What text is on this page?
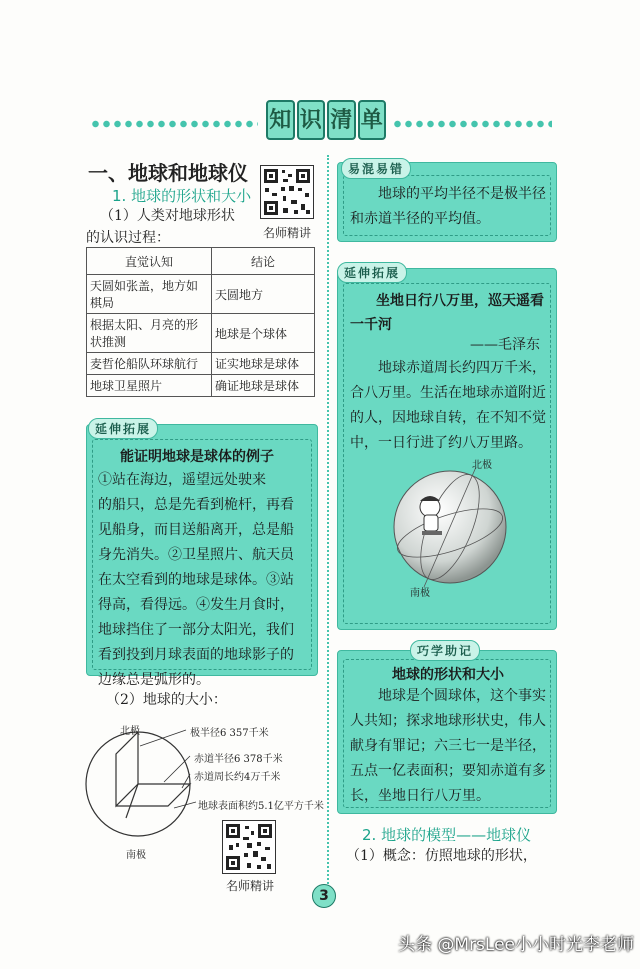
知 识 清 单
一、地球和地球仪
1. 地球的形状和大小
（1）人类对地球形状
的认识过程：	名师精讲
直觉认知	结论
天圆如张盖，地方如棋局	天圆地方
根据太阳、月亮的形状推测	地球是个球体
麦哲伦船队环球航行	证实地球是球体
地球卫星照片	确证地球是球体
延伸拓展
能证明地球是球体的例子
①站在海边，遥望远处驶来
的船只，总是先看到桅杆，再看
见船身，而目送船离开，总是船
身先消失。②卫星照片、航天员
在太空看到的地球是球体。③站
得高，看得远。④发生月食时，
地球挡住了一部分太阳光，我们
看到投到月球表面的地球影子的
边缘总是弧形的。
（2）地球的大小：
北极
南极
极半径6 357千米
赤道半径6 378千米
赤道周长约4万千米
地球表面积约5.1亿平方千米
名师精讲
易混易错
地球的平均半径不是极半径
和赤道半径的平均值。
延伸拓展
坐地日行八万里，巡天遥看
一千河
——毛泽东
地球赤道周长约四万千米，
合八万里。生活在地球赤道附近
的人，因地球自转，在不知不觉
中，一日行进了约八万里路。
北极
南极
巧学助记
地球的形状和大小
地球是个圆球体，这个事实
人共知；探求地球形状史，伟人
献身有罪记；六三七一是半径，
五点一亿表面积；要知赤道有多
长，坐地日行八万里。
2. 地球的模型——地球仪
（1）概念：仿照地球的形状，
3
头条 @MrsLee小小时光李老师
